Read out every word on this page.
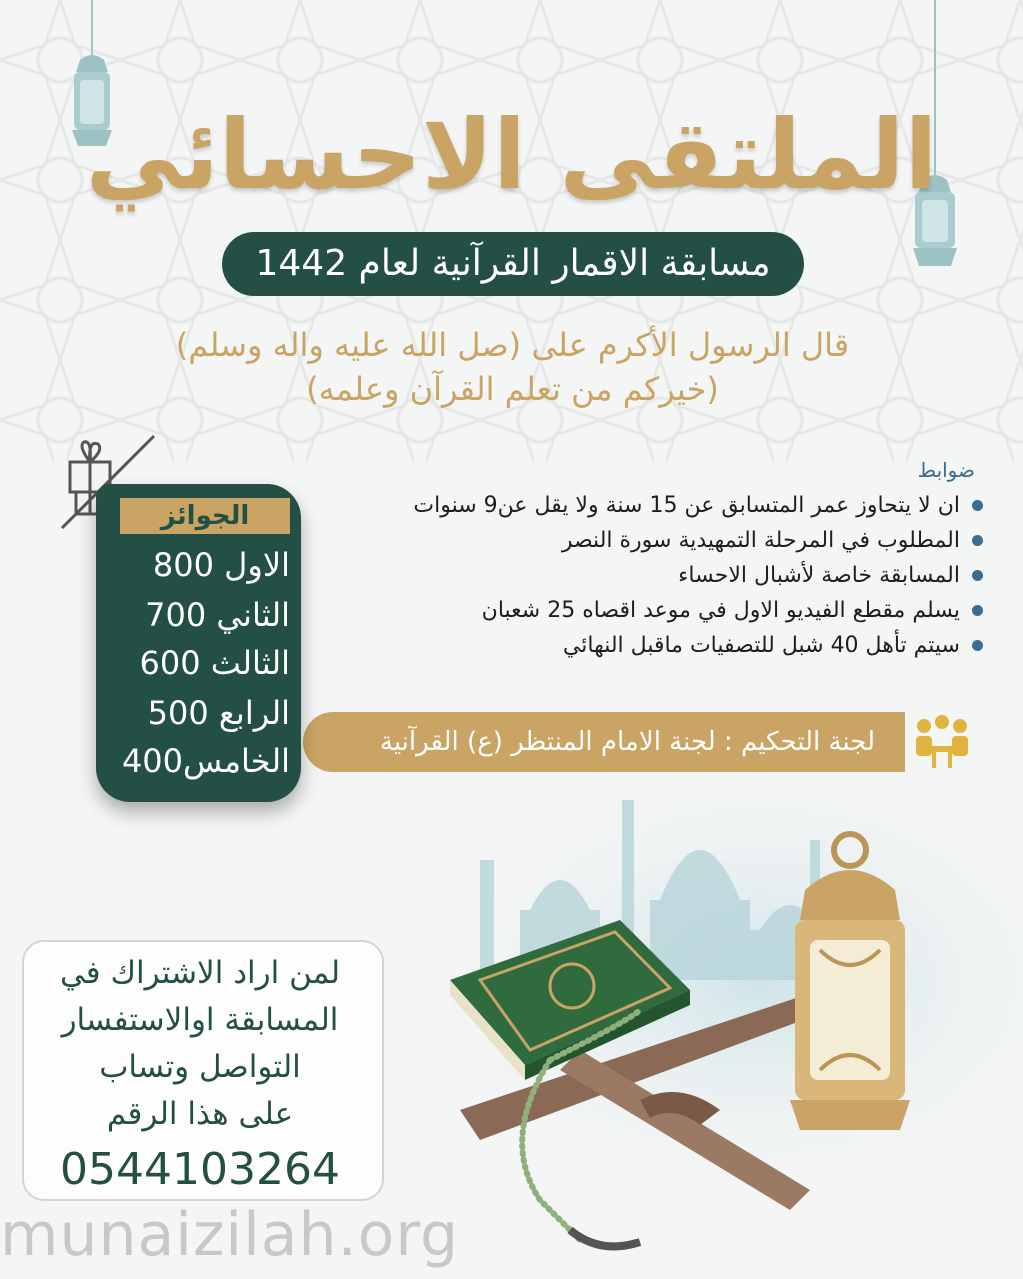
الملتقى الاحسائي
مسابقة الاقمار القرآنية لعام 1442
قال الرسول الأكرم على (صل الله عليه واله وسلم)
(خيركم من تعلم القرآن وعلمه)
ضوابط
ان لا يتحاوز عمر المتسابق عن 15 سنة ولا يقل عن9 سنوات
المطلوب في المرحلة التمهيدية سورة النصر
المسابقة خاصة لأشبال الاحساء
يسلم مقطع الفيديو الاول في موعد اقصاه 25 شعبان
سيتم تأهل 40 شبل للتصفيات ماقبل النهائي
لجنة التحكيم : لجنة الامام المنتظر (ع) القرآنية
الجوائز
الاول 800
الثاني 700
الثالث 600
الرابع 500
الخامس400
لمن اراد الاشتراك في
المسابقة اوالاستفسار
التواصل وتساب
على هذا الرقم
0544103264
munaizilah.org
